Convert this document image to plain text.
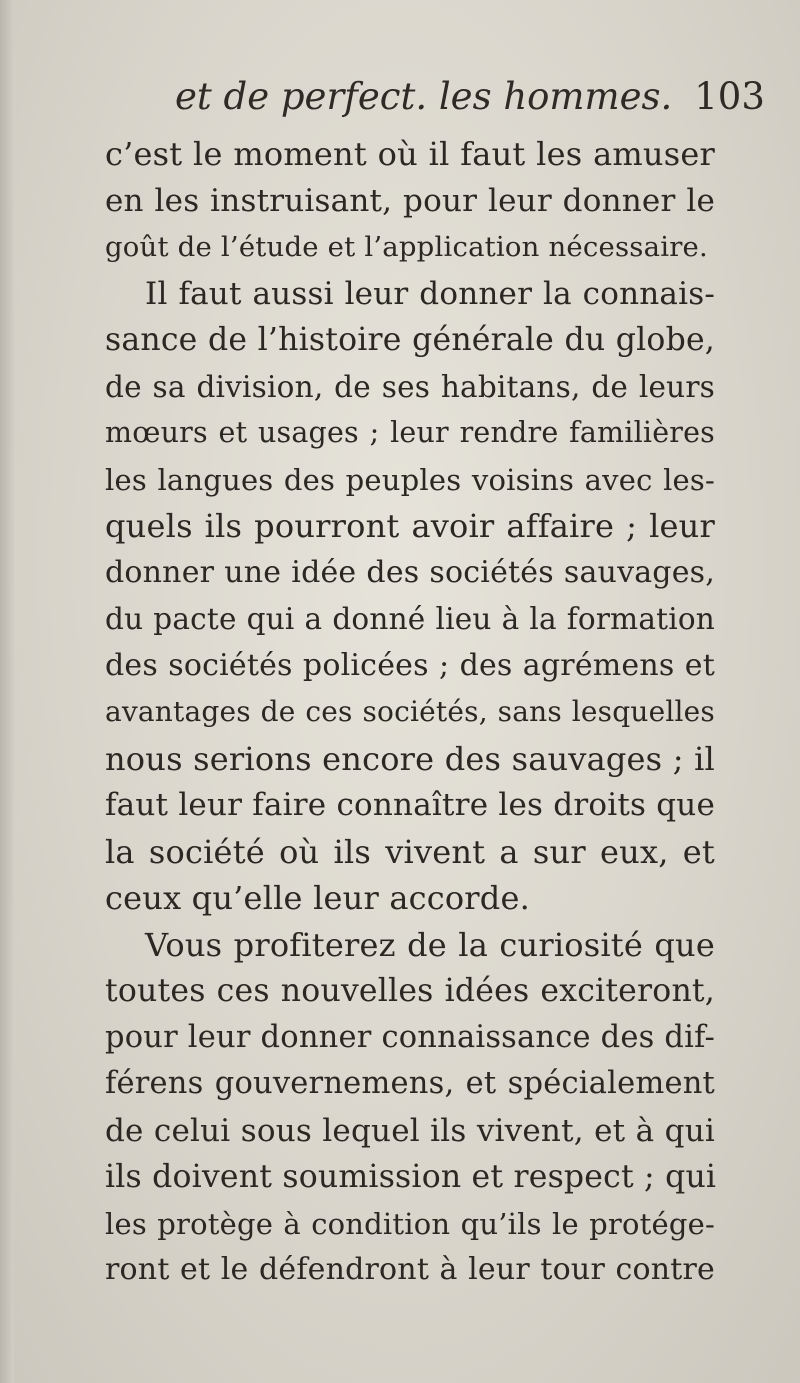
et de perfect. les hommes. 103
c’est le moment où il faut les amuser
en les instruisant, pour leur donner le
goût de l’étude et l’application nécessaire.
Il faut aussi leur donner la connais-
sance de l’histoire générale du globe,
de sa division, de ses habitans, de leurs
mœurs et usages ; leur rendre familières
les langues des peuples voisins avec les-
quels ils pourront avoir affaire ; leur
donner une idée des sociétés sauvages,
du pacte qui a donné lieu à la formation
des sociétés policées ; des agrémens et
avantages de ces sociétés, sans lesquelles
nous serions encore des sauvages ; il
faut leur faire connaître les droits que
la société où ils vivent a sur eux, et
ceux qu’elle leur accorde.
Vous profiterez de la curiosité que
toutes ces nouvelles idées exciteront,
pour leur donner connaissance des dif-
férens gouvernemens, et spécialement
de celui sous lequel ils vivent, et à qui
ils doivent soumission et respect ; qui
les protège à condition qu’ils le protége-
ront et le défendront à leur tour contre
